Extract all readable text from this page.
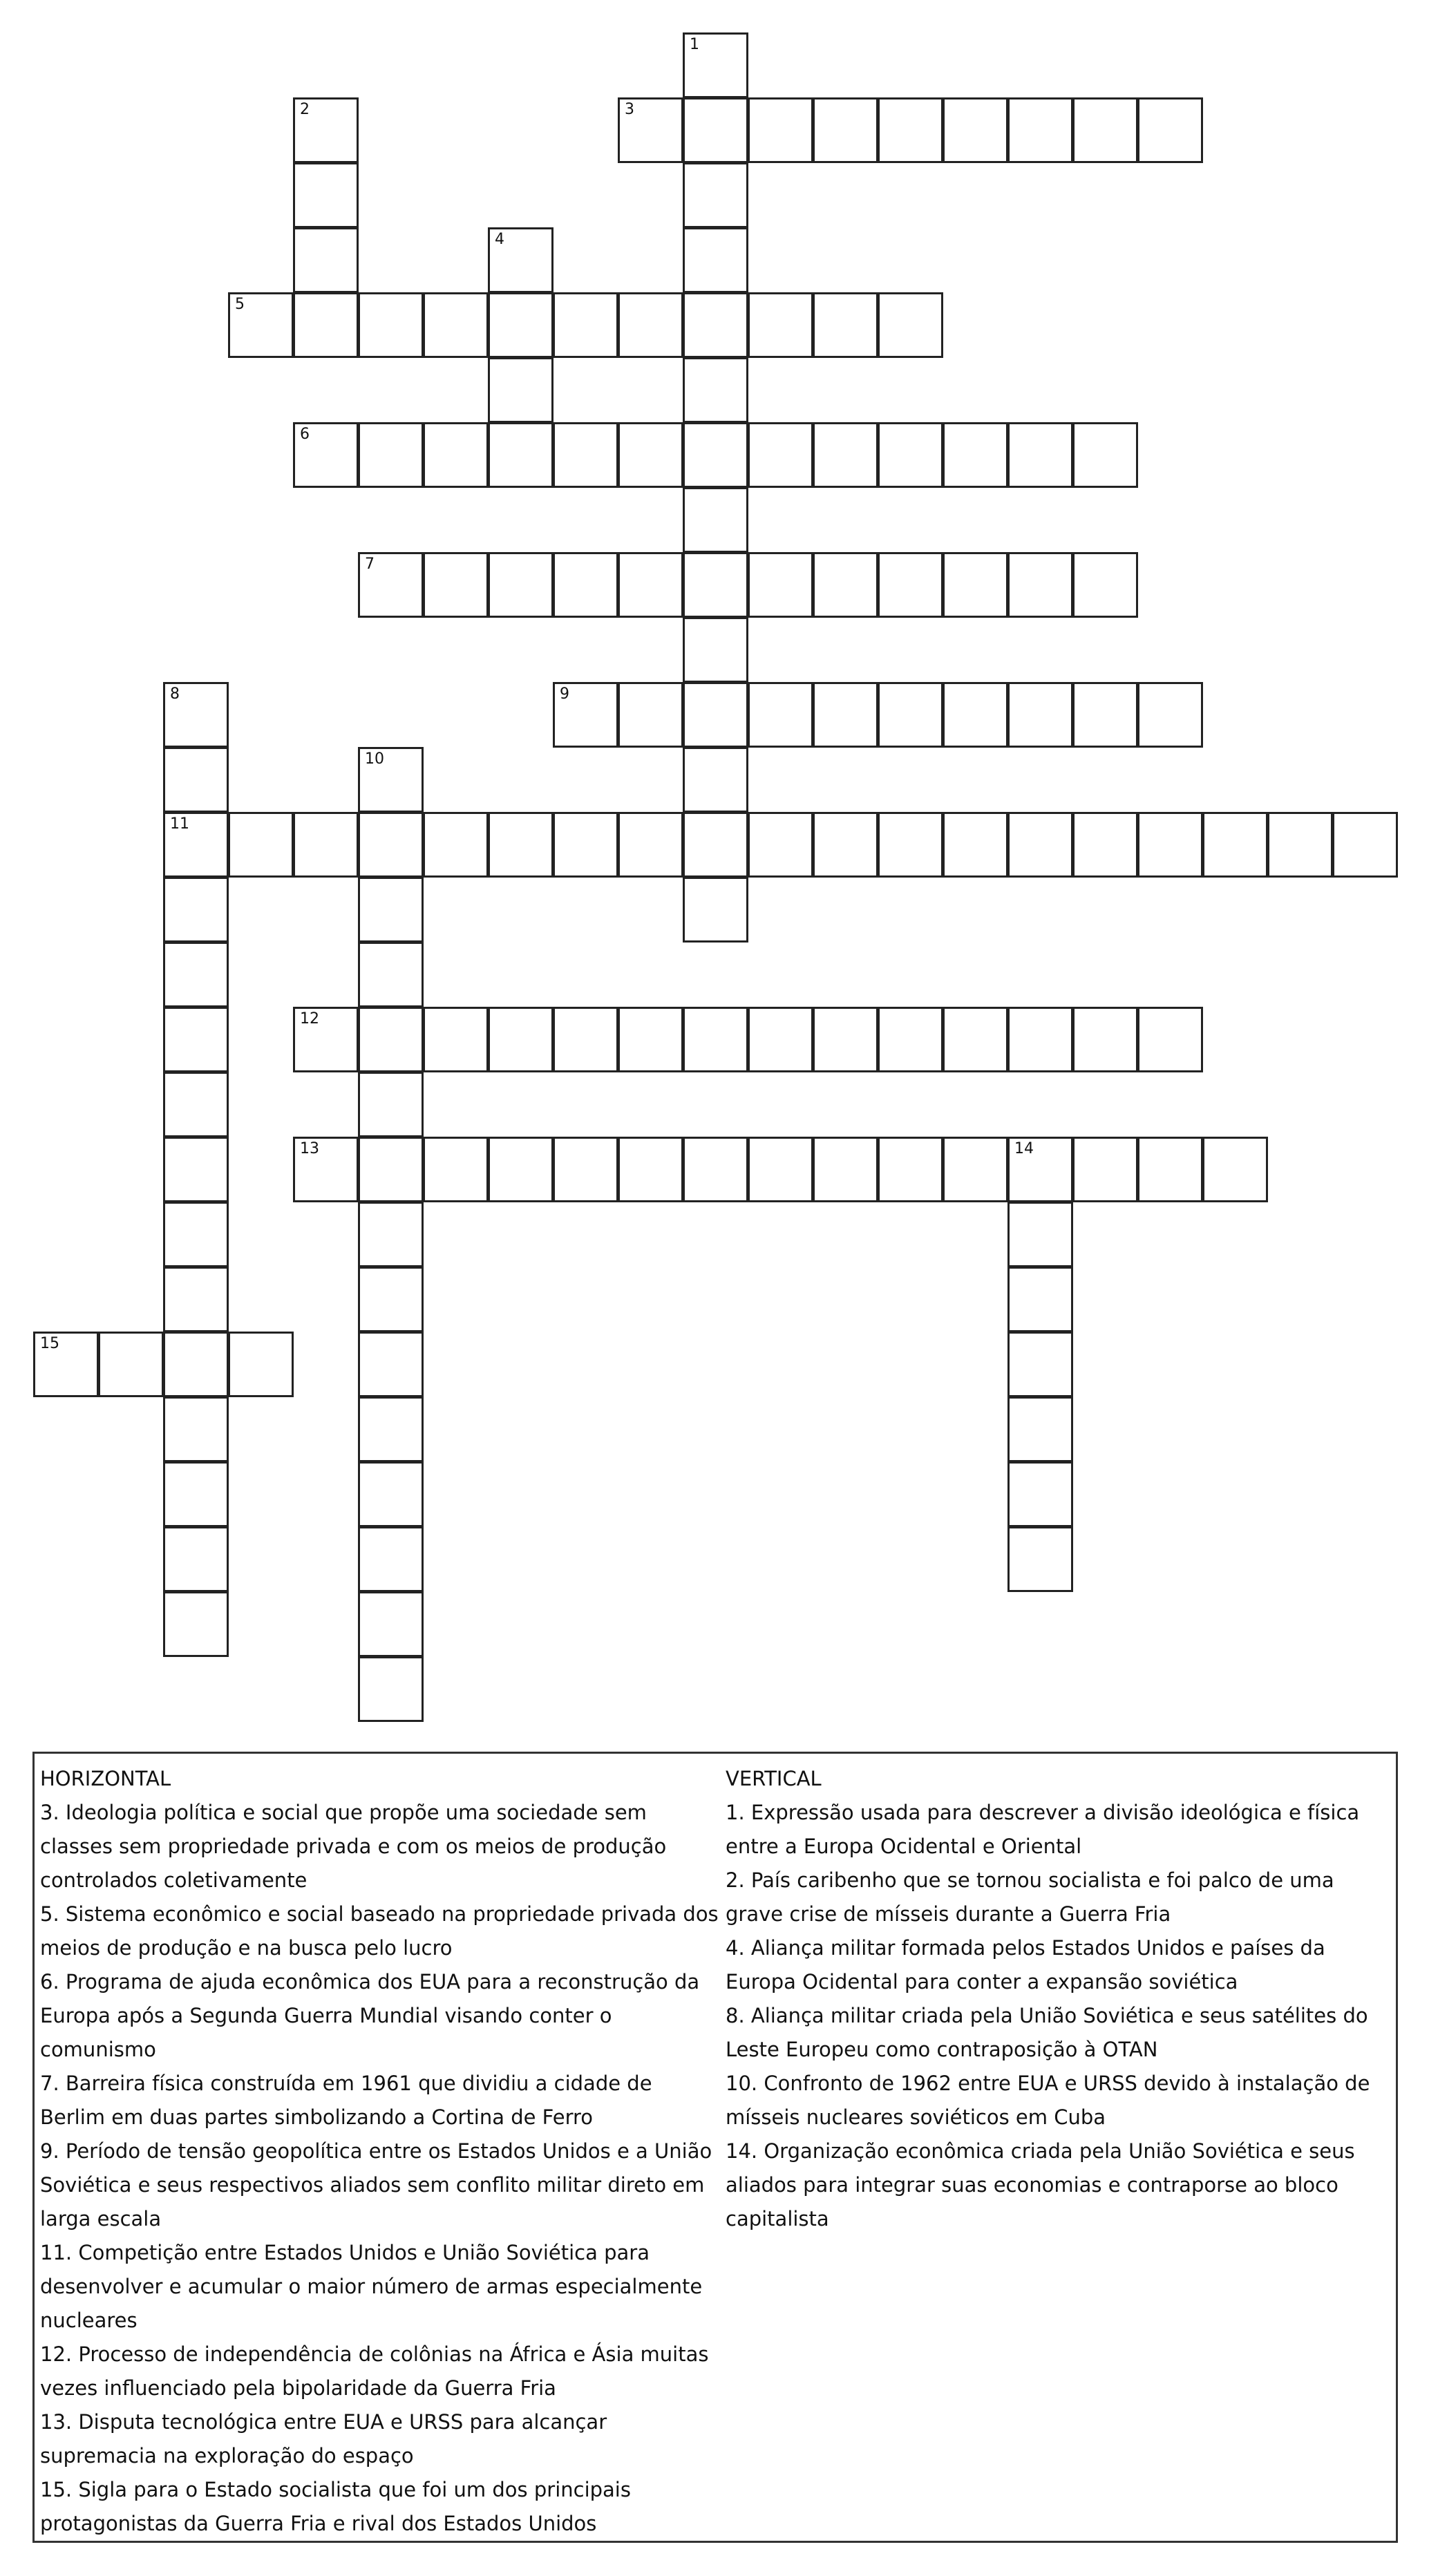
1
2	3
4
5
6
7
8
11
9
10
12
13	14
15
HORIZONTAL
3. Ideologia política e social que propõe uma sociedade sem classes sem propriedade privada e com os meios de produção controlados coletivamente
5. Sistema econômico e social baseado na propriedade privada dos meios de produção e na busca pelo lucro
6. Programa de ajuda econômica dos EUA para a reconstrução da Europa após a Segunda Guerra Mundial visando conter o comunismo
7. Barreira física construída em 1961 que dividiu a cidade de Berlim em duas partes simbolizando a Cortina de Ferro
9. Período de tensão geopolítica entre os Estados Unidos e a União Soviética e seus respectivos aliados sem conflito militar direto em larga escala
11. Competição entre Estados Unidos e União Soviética para desenvolver e acumular o maior número de armas especialmente nucleares
12. Processo de independência de colônias na África e Ásia muitas vezes influenciado pela bipolaridade da Guerra Fria
13. Disputa tecnológica entre EUA e URSS para alcançar supremacia na exploração do espaço
15. Sigla para o Estado socialista que foi um dos principais protagonistas da Guerra Fria e rival dos Estados Unidos
VERTICAL
1. Expressão usada para descrever a divisão ideológica e física entre a Europa Ocidental e Oriental
2. País caribenho que se tornou socialista e foi palco de uma grave crise de mísseis durante a Guerra Fria
4. Aliança militar formada pelos Estados Unidos e países da Europa Ocidental para conter a expansão soviética
8. Aliança militar criada pela União Soviética e seus satélites do Leste Europeu como contraposição à OTAN
10. Confronto de 1962 entre EUA e URSS devido à instalação de mísseis nucleares soviéticos em Cuba
14. Organização econômica criada pela União Soviética e seus aliados para integrar suas economias e contraporse ao bloco capitalista
